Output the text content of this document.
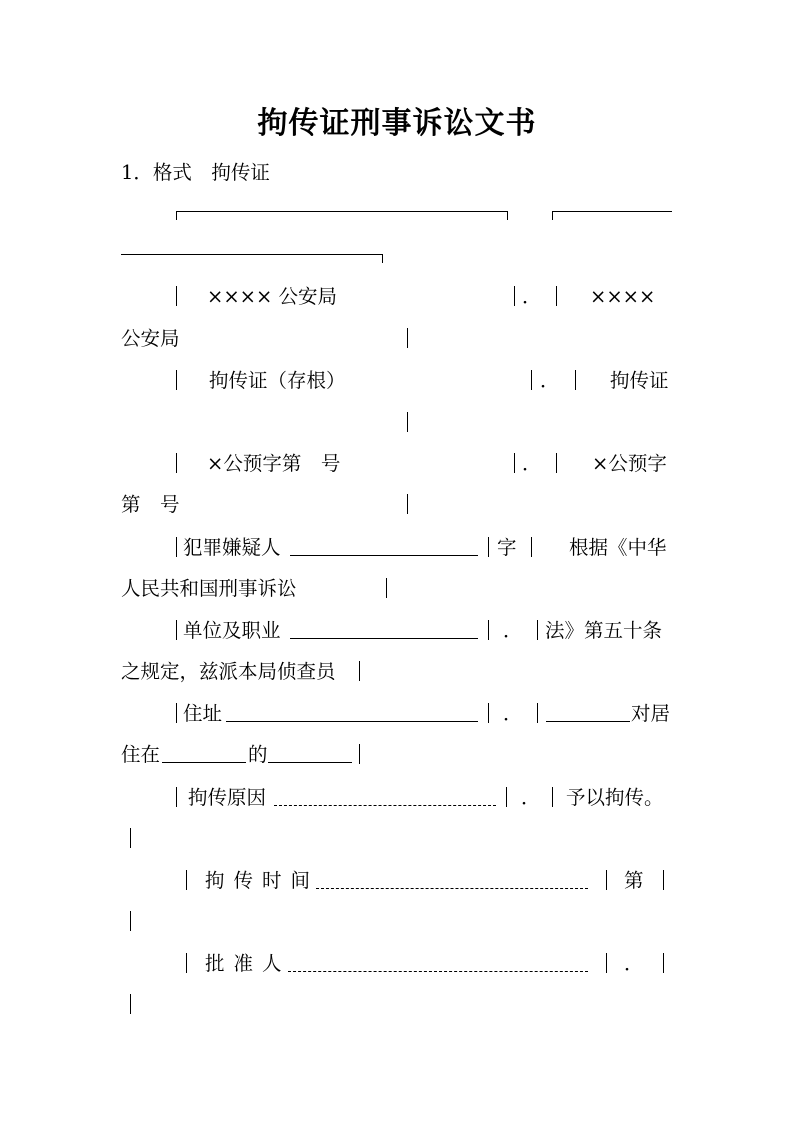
拘传证刑事诉讼文书
1．格式　拘传证
×××× 公安局	． ××××
公安局
拘传证（存根）	．	拘传证
×公预字第　号	．	×公预字
第　号
犯罪嫌疑人	字	根据《中华
人民共和国刑事诉讼
单位及职业	． 法》第五十条
之规定，兹派本局侦查员
住址	．	对居
住在	的
拘传原因	． 予以拘传。
拘传时间	第
批准人	．
